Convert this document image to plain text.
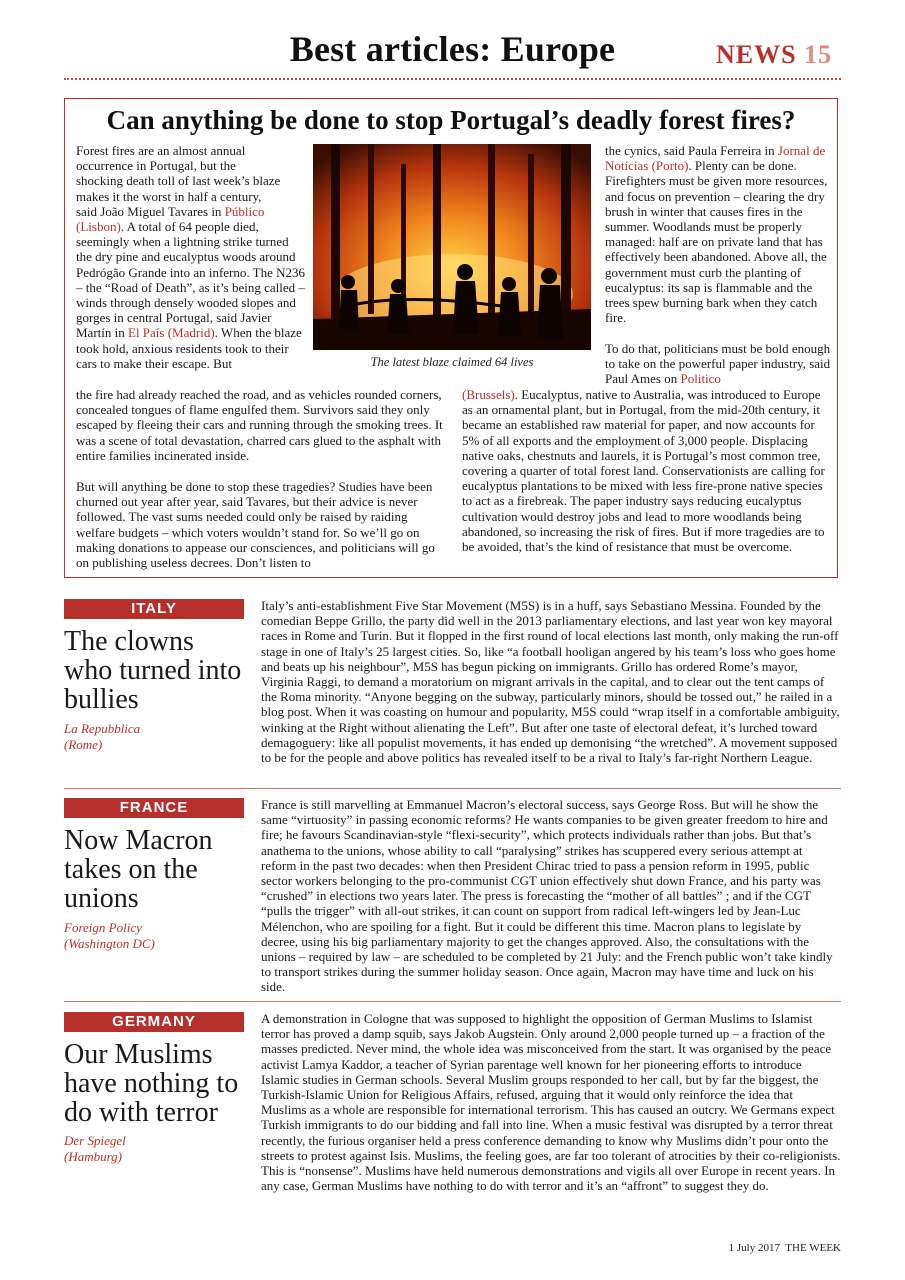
Best articles: Europe	NEWS 15
Can anything be done to stop Portugal’s deadly forest fires?
The latest blaze claimed 64 lives

Forest fires are an almost annual
occurrence in Portugal, but the
shocking death toll of last week’s blaze
makes it the worst in half a century,
said João Miguel Tavares in Público (Lisbon). A total of 64 people died, seemingly when a lightning strike turned the dry pine and eucalyptus woods around Pedrógão Grande into an inferno. The N236 – the “Road of Death”, as it’s being called – winds through densely wooded slopes and gorges in central Portugal, said Javier Martín in El País (Madrid). When the blaze took hold, anxious residents took to their cars to make their escape. But

the fire had already reached the road, and as vehicles rounded corners, concealed tongues of flame engulfed them. Survivors said they only escaped by fleeing their cars and running through the smoking trees. It was a scene of total devastation, charred cars glued to the asphalt with entire families incinerated inside.

But will anything be done to stop these tragedies? Studies have been churned out year after year, said Tavares, but their advice is never followed. The vast sums needed could only be raised by raiding welfare budgets – which voters wouldn’t stand for. So we’ll go on making donations to appease our consciences, and politicians will go on publishing useless decrees. Don’t listen to

the cynics, said Paula Ferreira in Jornal de Notícias (Porto). Plenty can be done. Firefighters must be given more resources, and focus on prevention – clearing the dry brush in winter that causes fires in the summer. Woodlands must be properly managed: half are on private land that has effectively been abandoned. Above all, the government must curb the planting of eucalyptus: its sap is flammable and the trees spew burning bark when they catch fire.

To do that, politicians must be bold enough to take on the powerful paper industry, said Paul Ames on Politico

(Brussels). Eucalyptus, native to Australia, was introduced to Europe as an ornamental plant, but in Portugal, from the mid-20th century, it became an established raw material for paper, and now accounts for 5% of all exports and the employment of 3,000 people. Displacing native oaks, chestnuts and laurels, it is Portugal’s most common tree, covering a quarter of total forest land. Conservationists are calling for eucalyptus plantations to be mixed with less fire-prone native species to act as a firebreak. The paper industry says reducing eucalyptus cultivation would destroy jobs and lead to more woodlands being abandoned, so increasing the risk of fires. But if more tragedies are to be avoided, that’s the kind of resistance that must be overcome.

ITALY
The clowns who turned into bullies
La Repubblica
(Rome)

Italy’s anti-establishment Five Star Movement (M5S) is in a huff, says Sebastiano Messina. Founded by the comedian Beppe Grillo, the party did well in the 2013 parliamentary elections, and last year won key mayoral races in Rome and Turin. But it flopped in the first round of local elections last month, only making the run-off stage in one of Italy’s 25 largest cities. So, like “a football hooligan angered by his team’s loss who goes home and beats up his neighbour”, M5S has begun picking on immigrants. Grillo has ordered Rome’s mayor, Virginia Raggi, to demand a moratorium on migrant arrivals in the capital, and to clear out the tent camps of the Roma minority. “Anyone begging on the subway, particularly minors, should be tossed out,” he railed in a blog post. When it was coasting on humour and popularity, M5S could “wrap itself in a comfortable ambiguity, winking at the Right without alienating the Left”. But after one taste of electoral defeat, it’s lurched toward demagoguery: like all populist movements, it has ended up demonising “the wretched”. A movement supposed to be for the people and above politics has revealed itself to be a rival to Italy’s far-right Northern League.

FRANCE
Now Macron takes on the unions
Foreign Policy
(Washington DC)

France is still marvelling at Emmanuel Macron’s electoral success, says George Ross. But will he show the same “virtuosity” in passing economic reforms? He wants companies to be given greater freedom to hire and fire; he favours Scandinavian-style “flexi-security”, which protects individuals rather than jobs. But that’s anathema to the unions, whose ability to call “paralysing” strikes has scuppered every serious attempt at reform in the past two decades: when then President Chirac tried to pass a pension reform in 1995, public sector workers belonging to the pro-communist CGT union effectively shut down France, and his party was “crushed” in elections two years later. The press is forecasting the “mother of all battles” ; and if the CGT “pulls the trigger” with all-out strikes, it can count on support from radical left-wingers led by Jean-Luc Mélenchon, who are spoiling for a fight. But it could be different this time. Macron plans to legislate by decree, using his big parliamentary majority to get the changes approved. Also, the consultations with the unions – required by law – are scheduled to be completed by 21 July: and the French public won’t take kindly to transport strikes during the summer holiday season. Once again, Macron may have time and luck on his side.

GERMANY
Our Muslims have nothing to do with terror
Der Spiegel
(Hamburg)

A demonstration in Cologne that was supposed to highlight the opposition of German Muslims to Islamist terror has proved a damp squib, says Jakob Augstein. Only around 2,000 people turned up – a fraction of the masses predicted. Never mind, the whole idea was misconceived from the start. It was organised by the peace activist Lamya Kaddor, a teacher of Syrian parentage well known for her pioneering efforts to introduce Islamic studies in German schools. Several Muslim groups responded to her call, but by far the biggest, the Turkish-Islamic Union for Religious Affairs, refused, arguing that it would only reinforce the idea that Muslims as a whole are responsible for international terrorism. This has caused an outcry. We Germans expect Turkish immigrants to do our bidding and fall into line. When a music festival was disrupted by a terror threat recently, the furious organiser held a press conference demanding to know why Muslims didn’t pour onto the streets to protest against Isis. Muslims, the feeling goes, are far too tolerant of atrocities by their co-religionists. This is “nonsense”. Muslims have held numerous demonstrations and vigils all over Europe in recent years. In any case, German Muslims have nothing to do with terror and it’s an “affront” to suggest they do.

1 July 2017 THE WEEK
